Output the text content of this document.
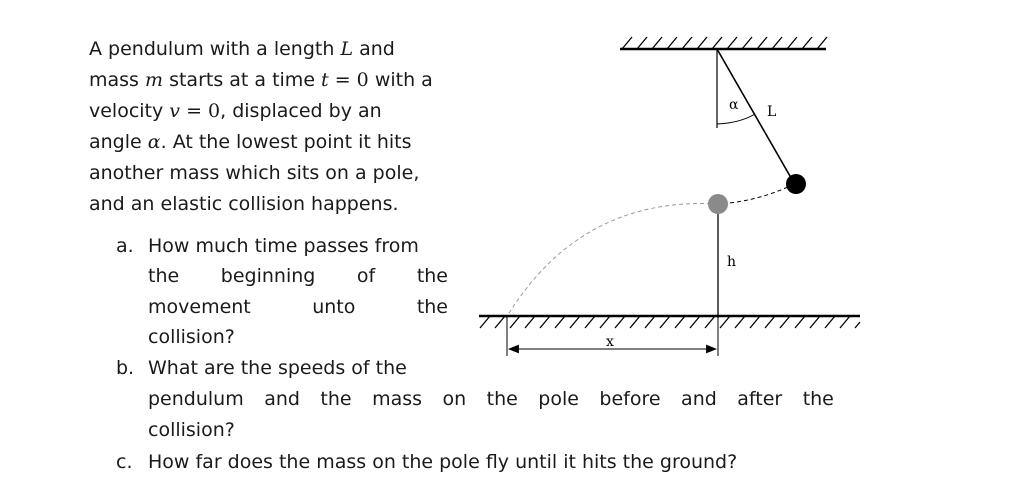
A pendulum with a length L and
mass m starts at a time t = 0 with a
velocity v = 0, displaced by an
angle α. At the lowest point it hits
another mass which sits on a pole,
and an elastic collision happens.
a. How much time passes from
the beginning of the
movement	unto	the
collision?
b. What are the speeds of the
pendulum and the mass on the pole before and after the
collision?
c. How far does the mass on the pole fly until it hits the ground?
α L
h
x
